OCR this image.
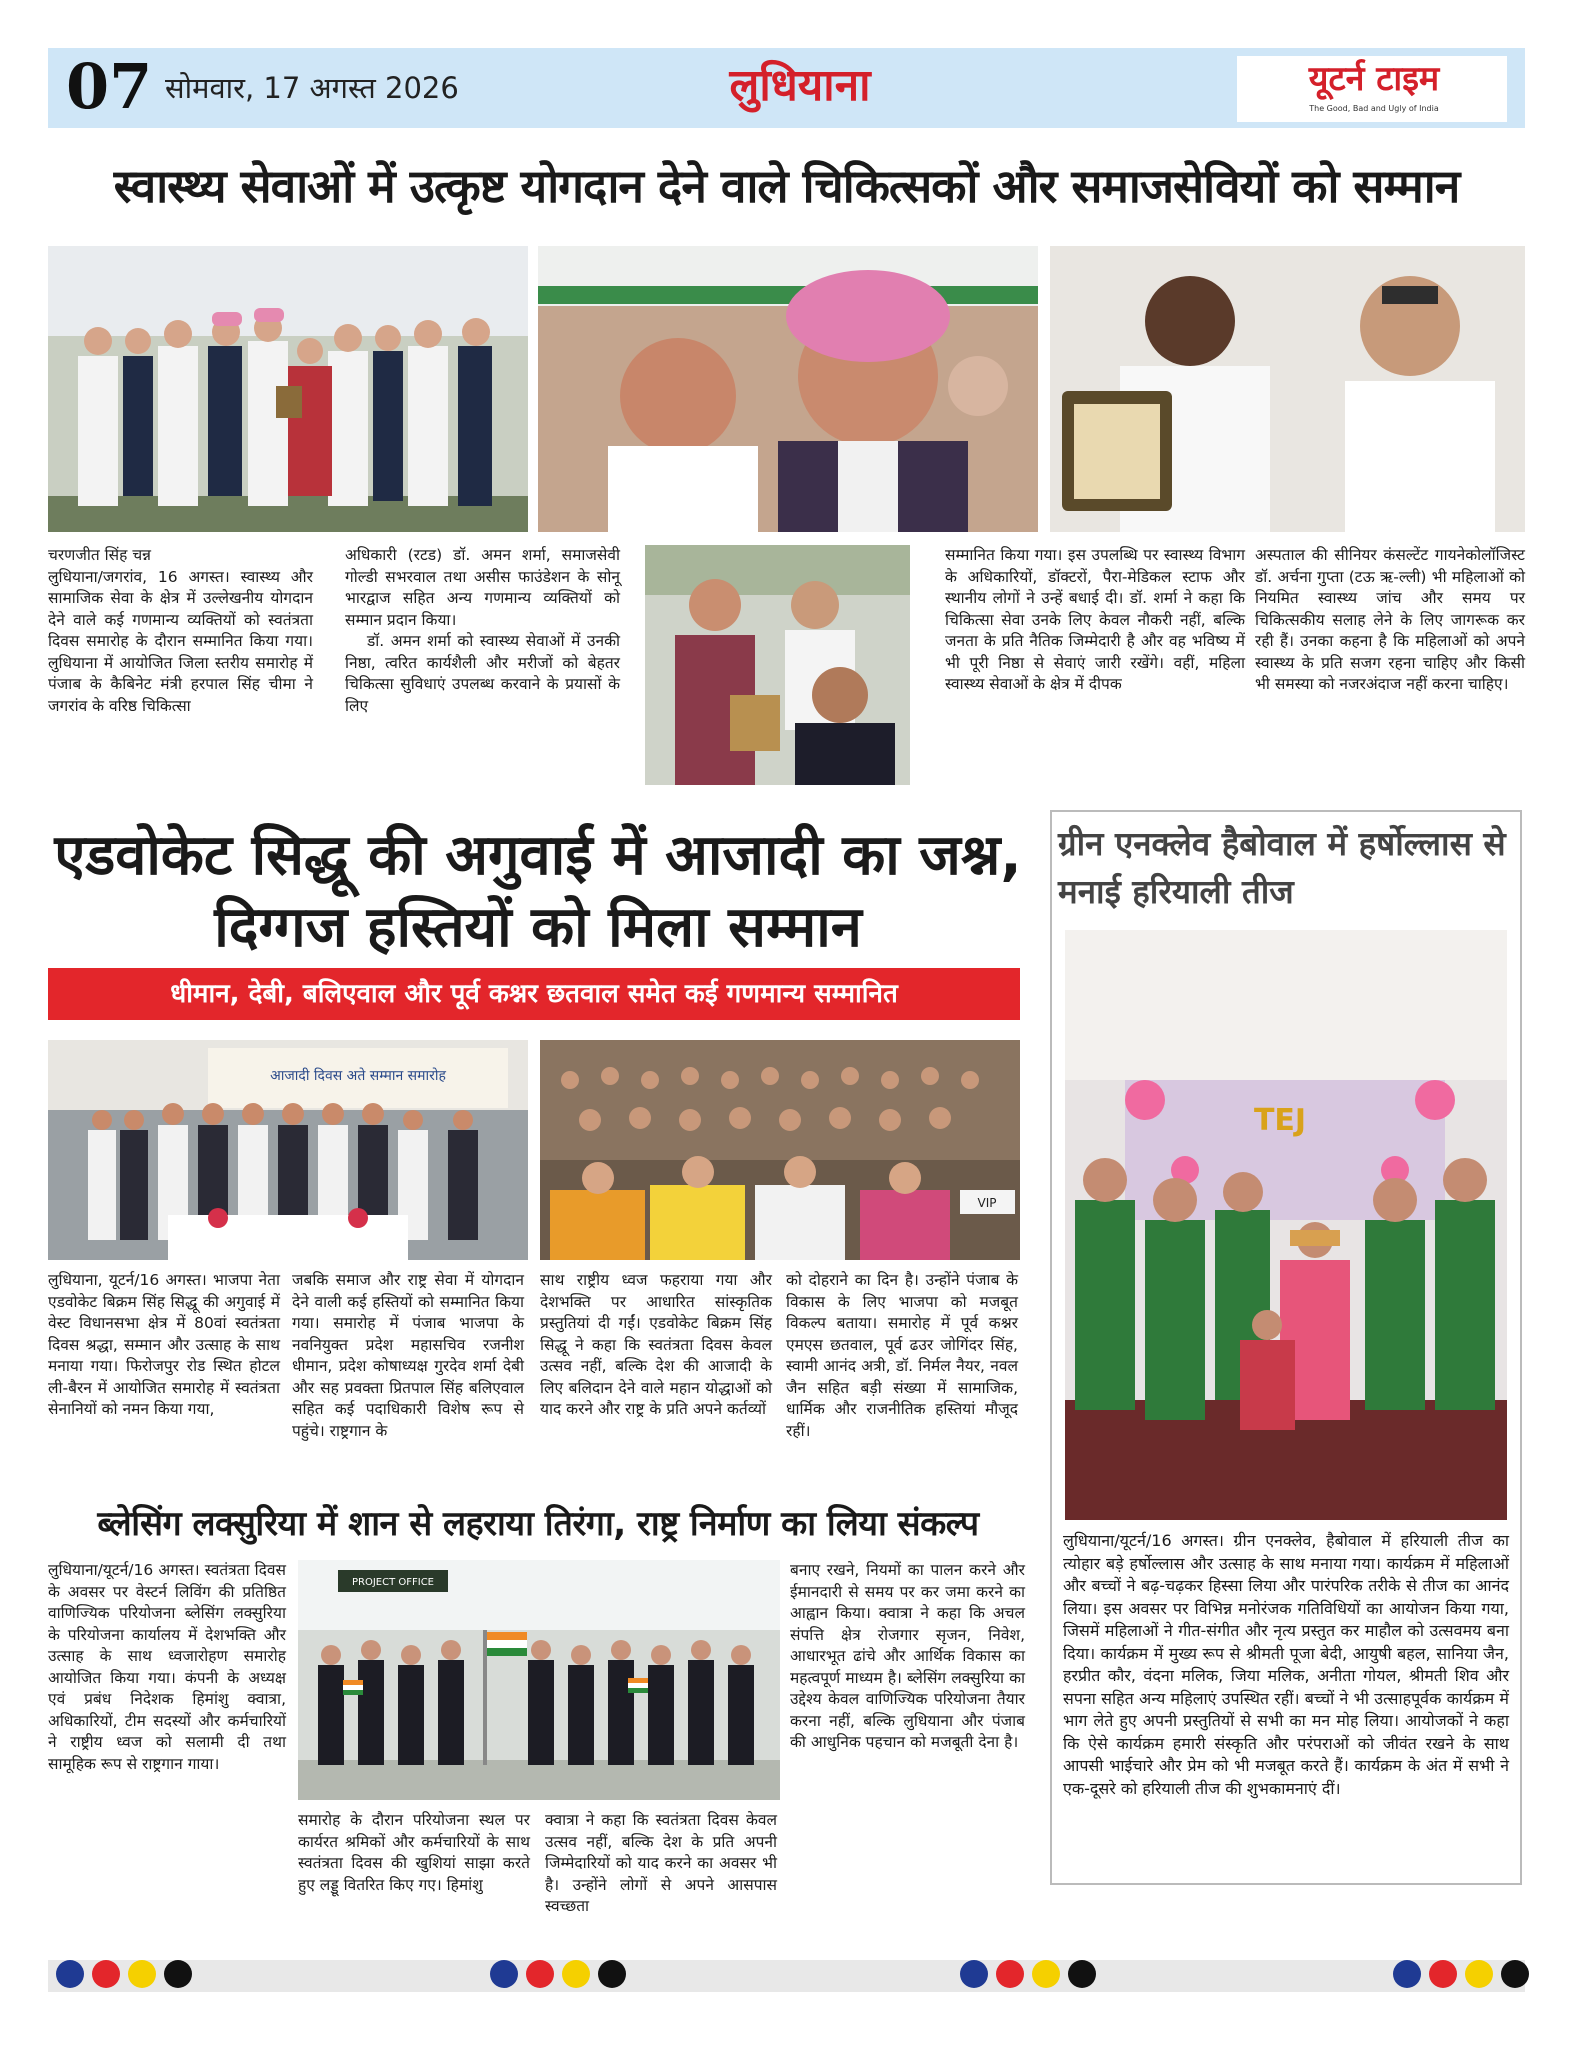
07 सोमवार, 17 अगस्त 2026	लुधियाना	यूटर्न टाइम
The Good, Bad and Ugly of India
स्वास्थ्य सेवाओं में उत्कृष्ट योगदान देने वाले चिकित्सकों और समाजसेवियों को सम्मान

चरणजीत सिंह चन्न

लुधियाना/जगरांव, 16 अगस्त। स्वास्थ्य और सामाजिक सेवा के क्षेत्र में उल्लेखनीय योगदान देने वाले कई गणमान्य व्यक्तियों को स्वतंत्रता दिवस समारोह के दौरान सम्मानित किया गया। लुधियाना में आयोजित जिला स्तरीय समारोह में पंजाब के कैबिनेट मंत्री हरपाल सिंह चीमा ने जगरांव के वरिष्ठ चिकित्सा

अधिकारी (रटड) डॉ. अमन शर्मा, समाजसेवी गोल्डी सभरवाल तथा असीस फाउंडेशन के सोनू भारद्वाज सहित अन्य गणमान्य व्यक्तियों को सम्मान प्रदान किया।

डॉ. अमन शर्मा को स्वास्थ्य सेवाओं में उनकी निष्ठा, त्वरित कार्यशैली और मरीजों को बेहतर चिकित्सा सुविधाएं उपलब्ध करवाने के प्रयासों के लिए

सम्मानित किया गया। इस उपलब्धि पर स्वास्थ्य विभाग के अधिकारियों, डॉक्टरों, पैरा-मेडिकल स्टाफ और स्थानीय लोगों ने उन्हें बधाई दी। डॉ. शर्मा ने कहा कि चिकित्सा सेवा उनके लिए केवल नौकरी नहीं, बल्कि जनता के प्रति नैतिक जिम्मेदारी है और वह भविष्य में भी पूरी निष्ठा से सेवाएं जारी रखेंगे। वहीं, महिला स्वास्थ्य सेवाओं के क्षेत्र में दीपक

अस्पताल की सीनियर कंसल्टेंट गायनेकोलॉजिस्ट डॉ. अर्चना गुप्ता (टऊ ऋ-ल्ली) भी महिलाओं को नियमित स्वास्थ्य जांच और समय पर चिकित्सकीय सलाह लेने के लिए जागरूक कर रही हैं। उनका कहना है कि महिलाओं को अपने स्वास्थ्य के प्रति सजग रहना चाहिए और किसी भी समस्या को नजरअंदाज नहीं करना चाहिए।

एडवोकेट सिद्धू की अगुवाई में आजादी का जश्न, दिग्गज हस्तियों को मिला सम्मान
धीमान, देबी, बलिएवाल और पूर्व कश्नर छतवाल समेत कई गणमान्य सम्मानित
आजादी दिवस अते सम्मान समारोह
VIP

लुधियाना, यूटर्न/16 अगस्त। भाजपा नेता एडवोकेट बिक्रम सिंह सिद्धू की अगुवाई में वेस्ट विधानसभा क्षेत्र में 80वां स्वतंत्रता दिवस श्रद्धा, सम्मान और उत्साह के साथ मनाया गया। फिरोजपुर रोड स्थित होटल ली-बैरन में आयोजित समारोह में स्वतंत्रता सेनानियों को नमन किया गया,

जबकि समाज और राष्ट्र सेवा में योगदान देने वाली कई हस्तियों को सम्मानित किया गया। समारोह में पंजाब भाजपा के नवनियुक्त प्रदेश महासचिव रजनीश धीमान, प्रदेश कोषाध्यक्ष गुरदेव शर्मा देबी और सह प्रवक्ता प्रितपाल सिंह बलिएवाल सहित कई पदाधिकारी विशेष रूप से पहुंचे। राष्ट्रगान के

साथ राष्ट्रीय ध्वज फहराया गया और देशभक्ति पर आधारित सांस्कृतिक प्रस्तुतियां दी गईं। एडवोकेट बिक्रम सिंह सिद्धू ने कहा कि स्वतंत्रता दिवस केवल उत्सव नहीं, बल्कि देश की आजादी के लिए बलिदान देने वाले महान योद्धाओं को याद करने और राष्ट्र के प्रति अपने कर्तव्यों

को दोहराने का दिन है। उन्होंने पंजाब के विकास के लिए भाजपा को मजबूत विकल्प बताया। समारोह में पूर्व कश्नर एमएस छतवाल, पूर्व ढउर जोगिंदर सिंह, स्वामी आनंद अत्री, डॉ. निर्मल नैयर, नवल जैन सहित बड़ी संख्या में सामाजिक, धार्मिक और राजनीतिक हस्तियां मौजूद रहीं।

ब्लेसिंग लक्सुरिया में शान से लहराया तिरंगा, राष्ट्र निर्माण का लिया संकल्प

लुधियाना/यूटर्न/16 अगस्त। स्वतंत्रता दिवस के अवसर पर वेस्टर्न लिविंग की प्रतिष्ठित वाणिज्यिक परियोजना ब्लेसिंग लक्सुरिया के परियोजना कार्यालय में देशभक्ति और उत्साह के साथ ध्वजारोहण समारोह आयोजित किया गया। कंपनी के अध्यक्ष एवं प्रबंध निदेशक हिमांशु क्वात्रा, अधिकारियों, टीम सदस्यों और कर्मचारियों ने राष्ट्रीय ध्वज को सलामी दी तथा सामूहिक रूप से राष्ट्रगान गाया।

PROJECT OFFICE

समारोह के दौरान परियोजना स्थल पर कार्यरत श्रमिकों और कर्मचारियों के साथ स्वतंत्रता दिवस की खुशियां साझा करते हुए लड्डू वितरित किए गए। हिमांशु

क्वात्रा ने कहा कि स्वतंत्रता दिवस केवल उत्सव नहीं, बल्कि देश के प्रति अपनी जिम्मेदारियों को याद करने का अवसर भी है। उन्होंने लोगों से अपने आसपास स्वच्छता

बनाए रखने, नियमों का पालन करने और ईमानदारी से समय पर कर जमा करने का आह्वान किया। क्वात्रा ने कहा कि अचल संपत्ति क्षेत्र रोजगार सृजन, निवेश, आधारभूत ढांचे और आर्थिक विकास का महत्वपूर्ण माध्यम है। ब्लेसिंग लक्सुरिया का उद्देश्य केवल वाणिज्यिक परियोजना तैयार करना नहीं, बल्कि लुधियाना और पंजाब की आधुनिक पहचान को मजबूती देना है।

ग्रीन एनक्लेव हैबोवाल में हर्षोल्लास से मनाई हरियाली तीज
TEJ

लुधियाना/यूटर्न/16 अगस्त। ग्रीन एनक्लेव, हैबोवाल में हरियाली तीज का त्योहार बड़े हर्षोल्लास और उत्साह के साथ मनाया गया। कार्यक्रम में महिलाओं और बच्चों ने बढ़-चढ़कर हिस्सा लिया और पारंपरिक तरीके से तीज का आनंद लिया। इस अवसर पर विभिन्न मनोरंजक गतिविधियों का आयोजन किया गया, जिसमें महिलाओं ने गीत-संगीत और नृत्य प्रस्तुत कर माहौल को उत्सवमय बना दिया। कार्यक्रम में मुख्य रूप से श्रीमती पूजा बेदी, आयुषी बहल, सानिया जैन, हरप्रीत कौर, वंदना मलिक, जिया मलिक, अनीता गोयल, श्रीमती शिव और सपना सहित अन्य महिलाएं उपस्थित रहीं। बच्चों ने भी उत्साहपूर्वक कार्यक्रम में भाग लेते हुए अपनी प्रस्तुतियों से सभी का मन मोह लिया। आयोजकों ने कहा कि ऐसे कार्यक्रम हमारी संस्कृति और परंपराओं को जीवंत रखने के साथ आपसी भाईचारे और प्रेम को भी मजबूत करते हैं। कार्यक्रम के अंत में सभी ने एक-दूसरे को हरियाली तीज की शुभकामनाएं दीं।
